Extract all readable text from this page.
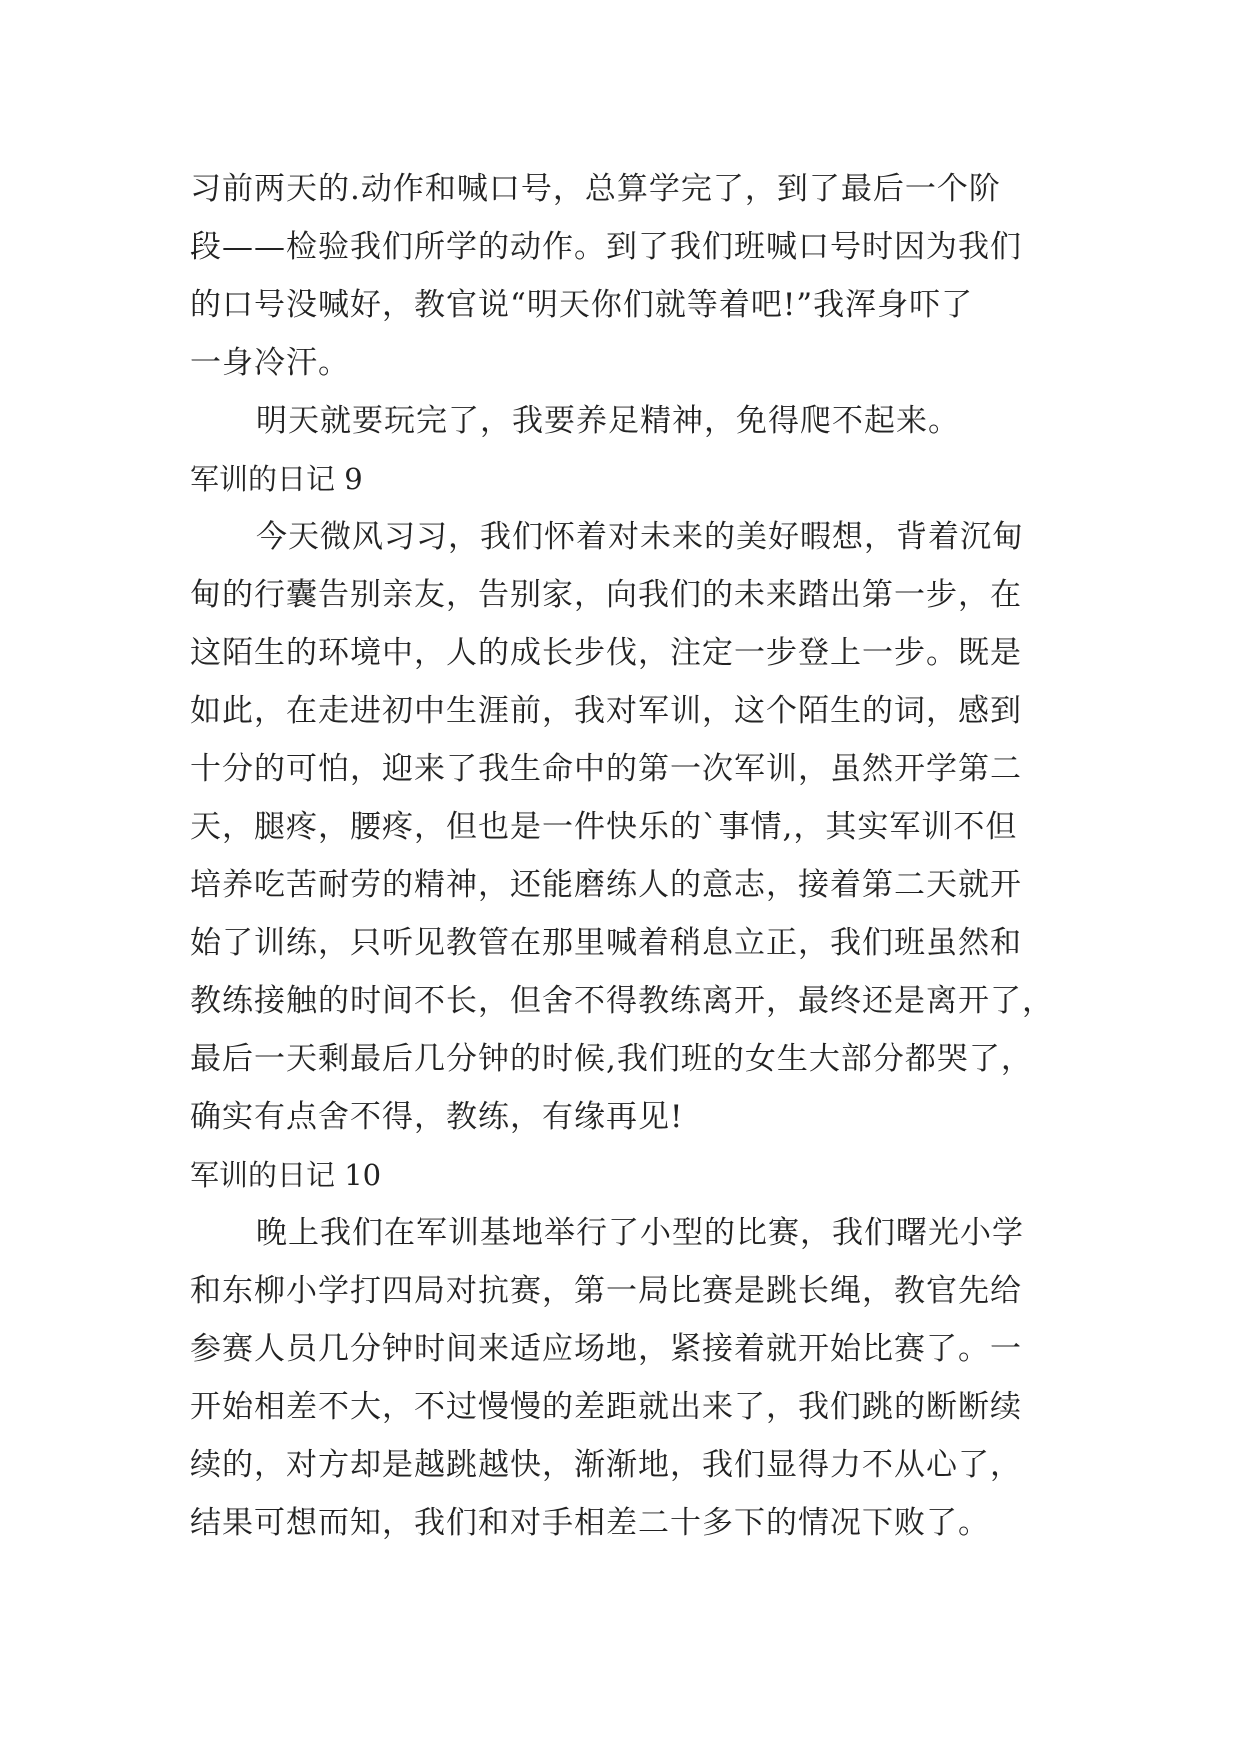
习前两天的.动作和喊口号，总算学完了，到了最后一个阶
段——检验我们所学的动作。到了我们班喊口号时因为我们
的口号没喊好，教官说“明天你们就等着吧!”我浑身吓了
一身冷汗。
明天就要玩完了，我要养足精神，免得爬不起来。
军训的日记 9
今天微风习习，我们怀着对未来的美好暇想，背着沉甸
甸的行囊告别亲友，告别家，向我们的未来踏出第一步，在
这陌生的环境中，人的成长步伐，注定一步登上一步。既是
如此，在走进初中生涯前，我对军训，这个陌生的词，感到
十分的可怕，迎来了我生命中的第一次军训，虽然开学第二
天，腿疼，腰疼，但也是一件快乐的`事情,，其实军训不但
培养吃苦耐劳的精神，还能磨练人的意志，接着第二天就开
始了训练，只听见教管在那里喊着稍息立正，我们班虽然和
教练接触的时间不长，但舍不得教练离开，最终还是离开了，
最后一天剩最后几分钟的时候,我们班的女生大部分都哭了，
确实有点舍不得，教练，有缘再见!
军训的日记 10
晚上我们在军训基地举行了小型的比赛，我们曙光小学
和东柳小学打四局对抗赛，第一局比赛是跳长绳，教官先给
参赛人员几分钟时间来适应场地，紧接着就开始比赛了。一
开始相差不大，不过慢慢的差距就出来了，我们跳的断断续
续的，对方却是越跳越快，渐渐地，我们显得力不从心了，
结果可想而知，我们和对手相差二十多下的情况下败了。
